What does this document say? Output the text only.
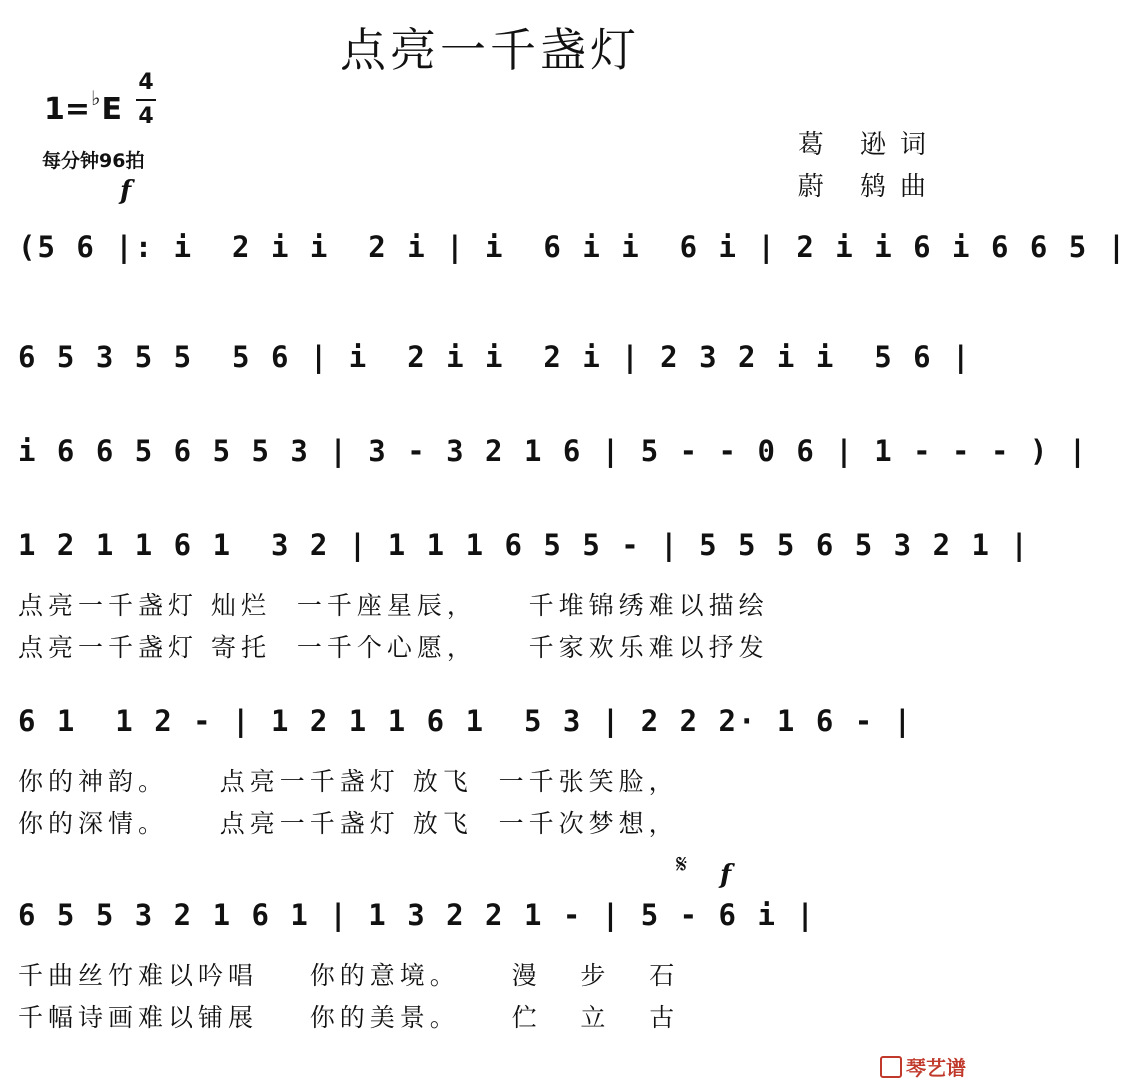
点亮一千盏灯
1=♭E
4
4
每分钟96拍
葛 逊词
蔚 鸫曲
f
(5 6 |: i  2 i i  2 i | i  6 i i  6 i | 2 i i 6 i 6 6 5 |
6 5 3 5 5  5 6 | i  2 i i  2 i | 2 3 2 i i  5 6 |
i 6 6 5 6 5 5 3 | 3 - 3 2 1 6 | 5 - - 0 6 | 1 - - - ) |
1 2 1 1 6 1  3 2 | 1 1 1 6 5 5 - | 5 5 5 6 5 3 2 1 |
点亮一千盏灯 灿烂  一千座星辰，    千堆锦绣难以描绘
点亮一千盏灯 寄托  一千个心愿，    千家欢乐难以抒发
6 1  1 2 - | 1 2 1 1 6 1  5 3 | 2 2 2· 1 6 - |
你的神韵。    点亮一千盏灯 放飞  一千张笑脸，
你的深情。    点亮一千盏灯 放飞  一千次梦想，
𝄋 f
6 5 5 3 2 1 6 1 | 1 3 2 2 1 - | 5 - 6 i |
千曲丝竹难以吟唱    你的意境。    漫   步   石
千幅诗画难以铺展    你的美景。    伫   立   古
琴艺谱
